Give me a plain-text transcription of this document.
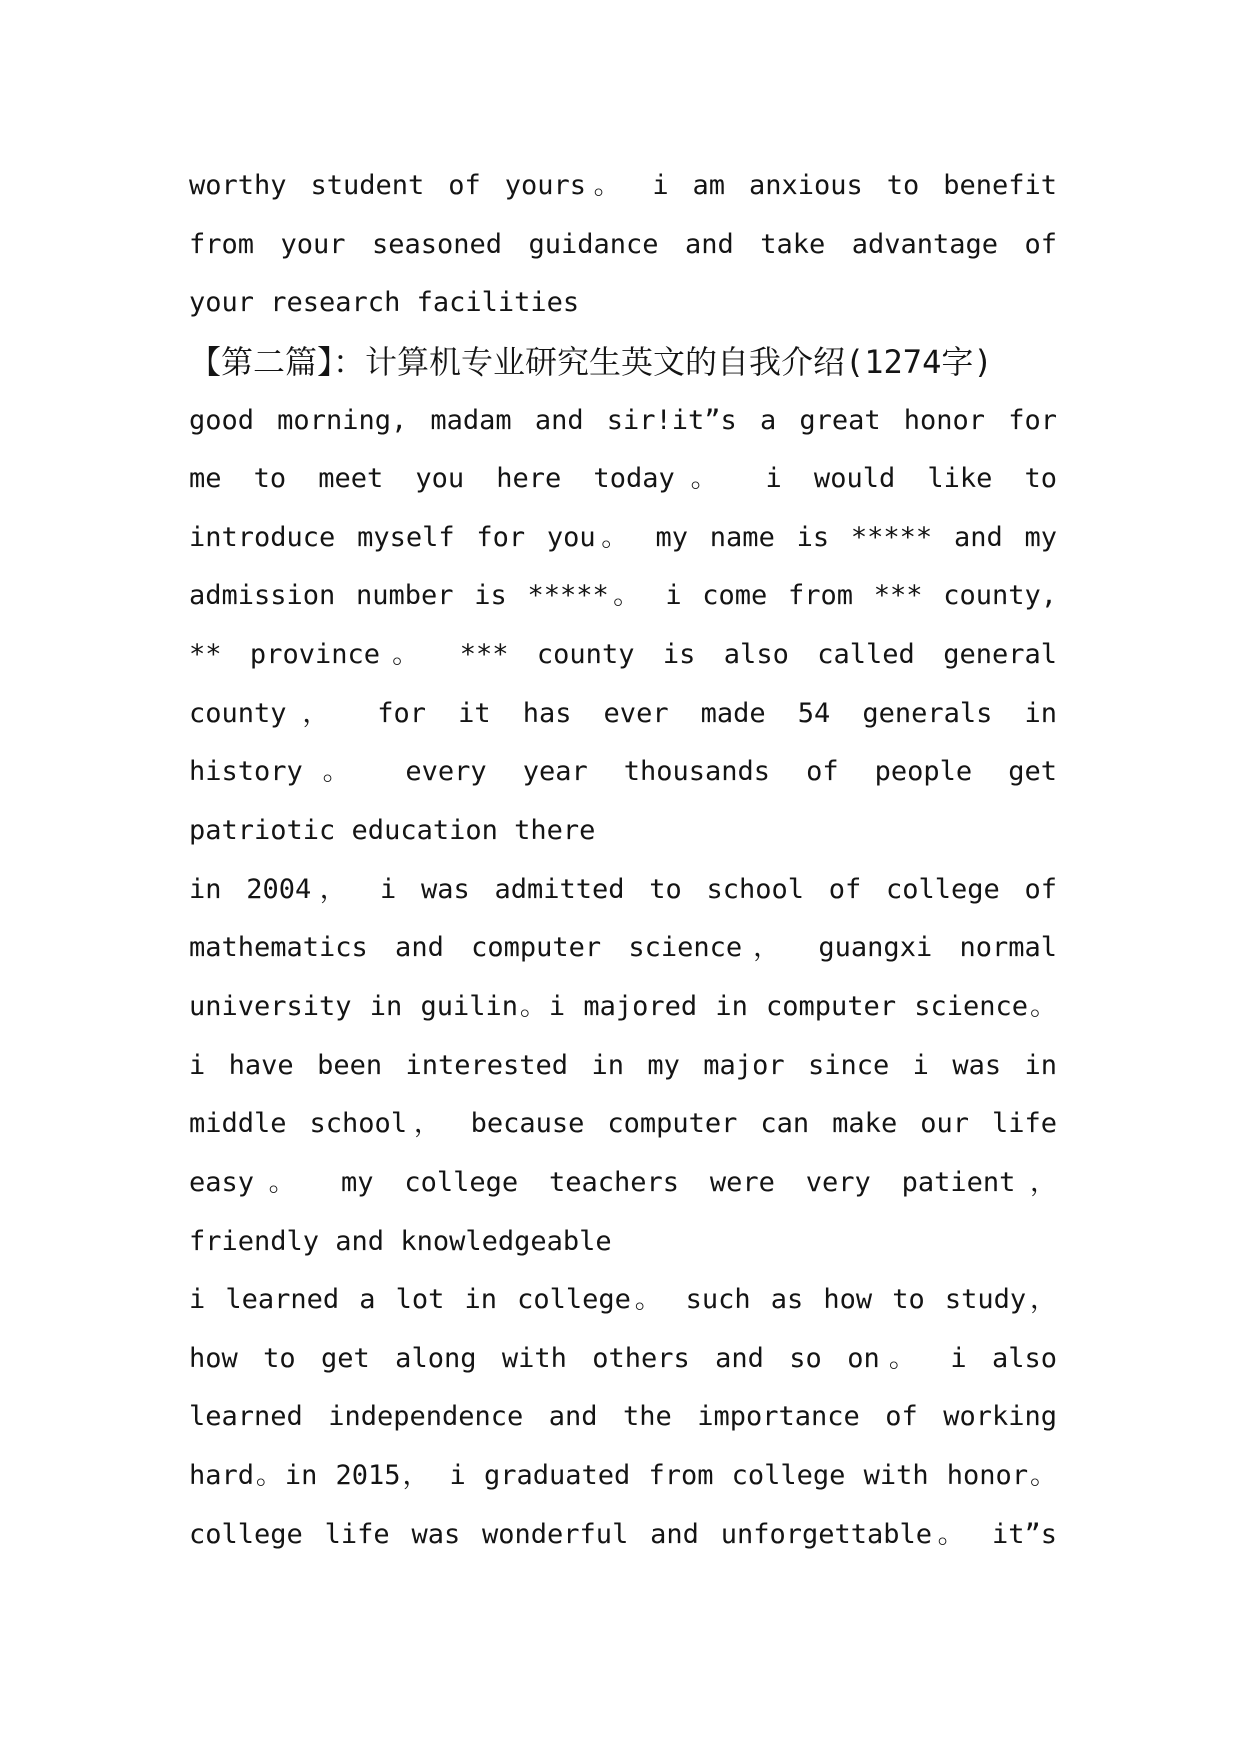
worthy student of yours。 i am anxious to benefit
from your seasoned guidance and take advantage of
your research facilities
【第二篇】：计算机专业研究生英文的自我介绍(1274字)
good morning, madam and sir!it”s a great honor for
me to meet you here today。 i would like to
introduce myself for you。 my name is ***** and my
admission number is *****。 i come from *** county,
** province。 *** county is also called general
county， for it has ever made 54 generals in
history。 every year thousands of people get
patriotic education there
in 2004， i was admitted to school of college of
mathematics and computer science， guangxi normal
university in guilin。i majored in computer science。
i have been interested in my major since i was in
middle school， because computer can make our life
easy。 my college teachers were very patient，
friendly and knowledgeable
i learned a lot in college。 such as how to study，
how to get along with others and so on。 i also
learned independence and the importance of working
hard。in 2015， i graduated from college with honor。
college life was wonderful and unforgettable。 it”s
